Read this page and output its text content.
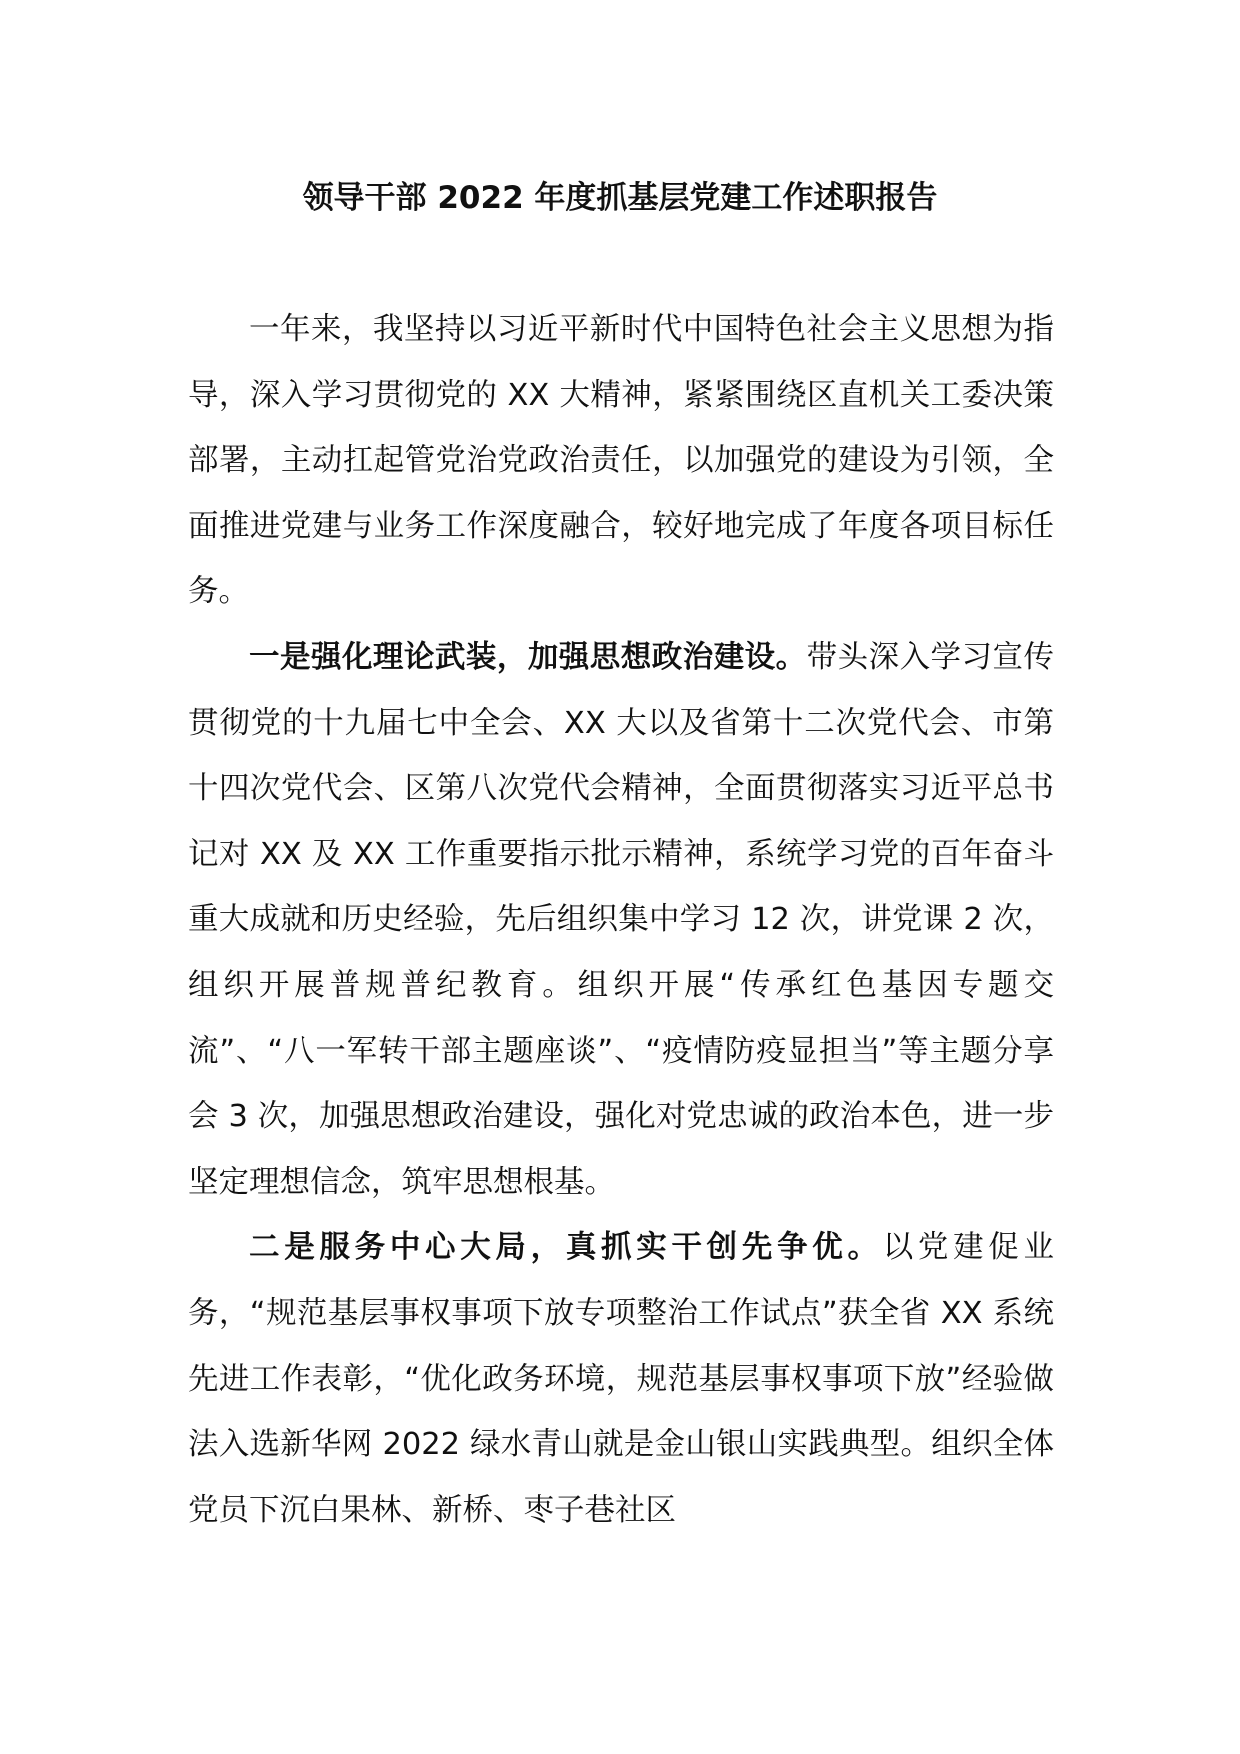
领导干部 2022 年度抓基层党建工作述职报告

一年来，我坚持以习近平新时代中国特色社会主义思想为指导，深入学习贯彻党的 XX 大精神，紧紧围绕区直机关工委决策部署，主动扛起管党治党政治责任，以加强党的建设为引领，全面推进党建与业务工作深度融合，较好地完成了年度各项目标任务。

一是强化理论武装，加强思想政治建设。带头深入学习宣传贯彻党的十九届七中全会、XX 大以及省第十二次党代会、市第十四次党代会、区第八次党代会精神，全面贯彻落实习近平总书记对 XX 及 XX 工作重要指示批示精神，系统学习党的百年奋斗重大成就和历史经验，先后组织集中学习 12 次，讲党课 2 次，组织开展普规普纪教育。组织开展“传承红色基因专题交流”、“八一军转干部主题座谈”、“疫情防疫显担当”等主题分享会 3 次，加强思想政治建设，强化对党忠诚的政治本色，进一步坚定理想信念，筑牢思想根基。

二是服务中心大局，真抓实干创先争优。以党建促业务，“规范基层事权事项下放专项整治工作试点”获全省 XX 系统先进工作表彰，“优化政务环境，规范基层事权事项下放”经验做法入选新华网 2022 绿水青山就是金山银山实践典型。组织全体党员下沉白果林、新桥、枣子巷社区
